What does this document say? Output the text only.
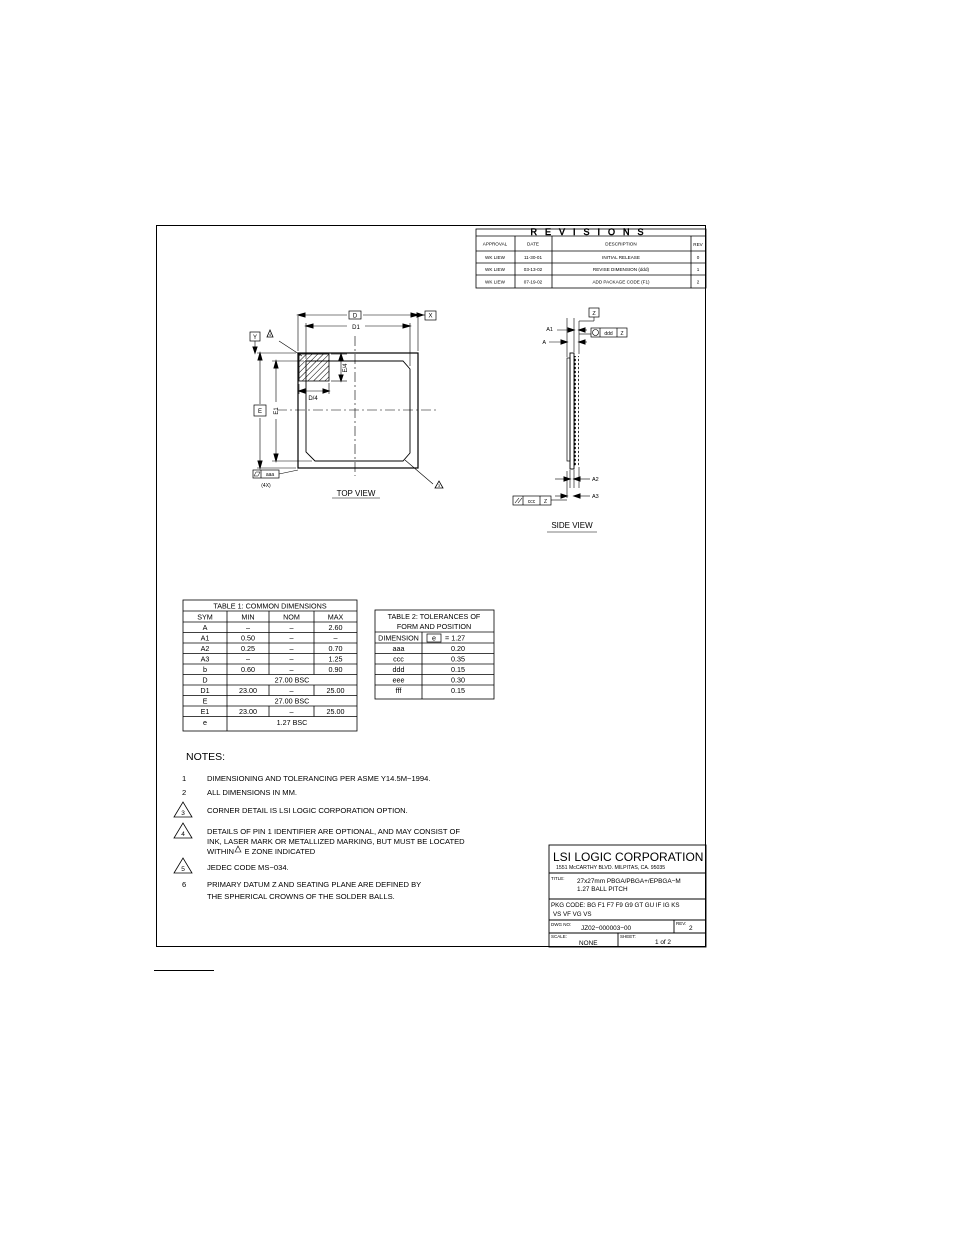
REVISIONS
APPROVAL	DATE	DESCRIPTION	REV
WK LIEW	11-30-01	INITIAL RELEASE	0
WK LIEW	03-13-02	REVISE DIMENSION (ddd)	1
WK LIEW	07-19-02	ADD PACKAGE CODE (F1)	2
4
3
D
D1
X
Y
E E1
E/4
D/4
aaa
(4X)
TOP VIEW
Z
A1
A
ddd Z
A2
A3
ccc Z
SIDE VIEW
TABLE 1: COMMON DIMENSIONS
SYM	MIN	NOM	MAX
A	–	–	2.60
A1	0.50	–	–
A2	0.25	–	0.70
A3	–	–	1.25
b	0.60	–	0.90
D	27.00 BSC
D1	23.00	–	25.00
E	27.00 BSC
E1	23.00	–	25.00
e	1.27 BSC
TABLE 2: TOLERANCES OF
FORM AND POSITION
DIMENSION e = 1.27
aaa	0.20
ccc	0.35
ddd	0.15
eee	0.30
fff	0.15
NOTES:
1	DIMENSIONING AND TOLERANCING PER ASME Y14.5M−1994.
2	ALL DIMENSIONS IN MM.
3	CORNER DETAIL IS LSI LOGIC CORPORATION OPTION.
4	DETAILS OF PIN 1 IDENTIFIER ARE OPTIONAL, AND MAY CONSIST OF
INK, LASER MARK OR METALLIZED MARKING, BUT MUST BE LOCATED
WITHIN     E ZONE INDICATED
5	JEDEC CODE MS−034.
6	PRIMARY DATUM Z AND SEATING PLANE ARE DEFINED BY
THE SPHERICAL CROWNS OF THE SOLDER BALLS.
LSI LOGIC CORPORATION
1551 McCARTHY BLVD. MILPITAS, CA. 95035
TITLE: 27x27mm PBGA/PBGA+/EPBGA−M
1.27 BALL PITCH
PKG CODE: BG F1 F7 F9 G9 GT GU IF IG KS
VS VF VG VS
DWG NO:
JZ02−000003−00
REV:
2
SCALE:
NONE
SHEET:
1 of 2
